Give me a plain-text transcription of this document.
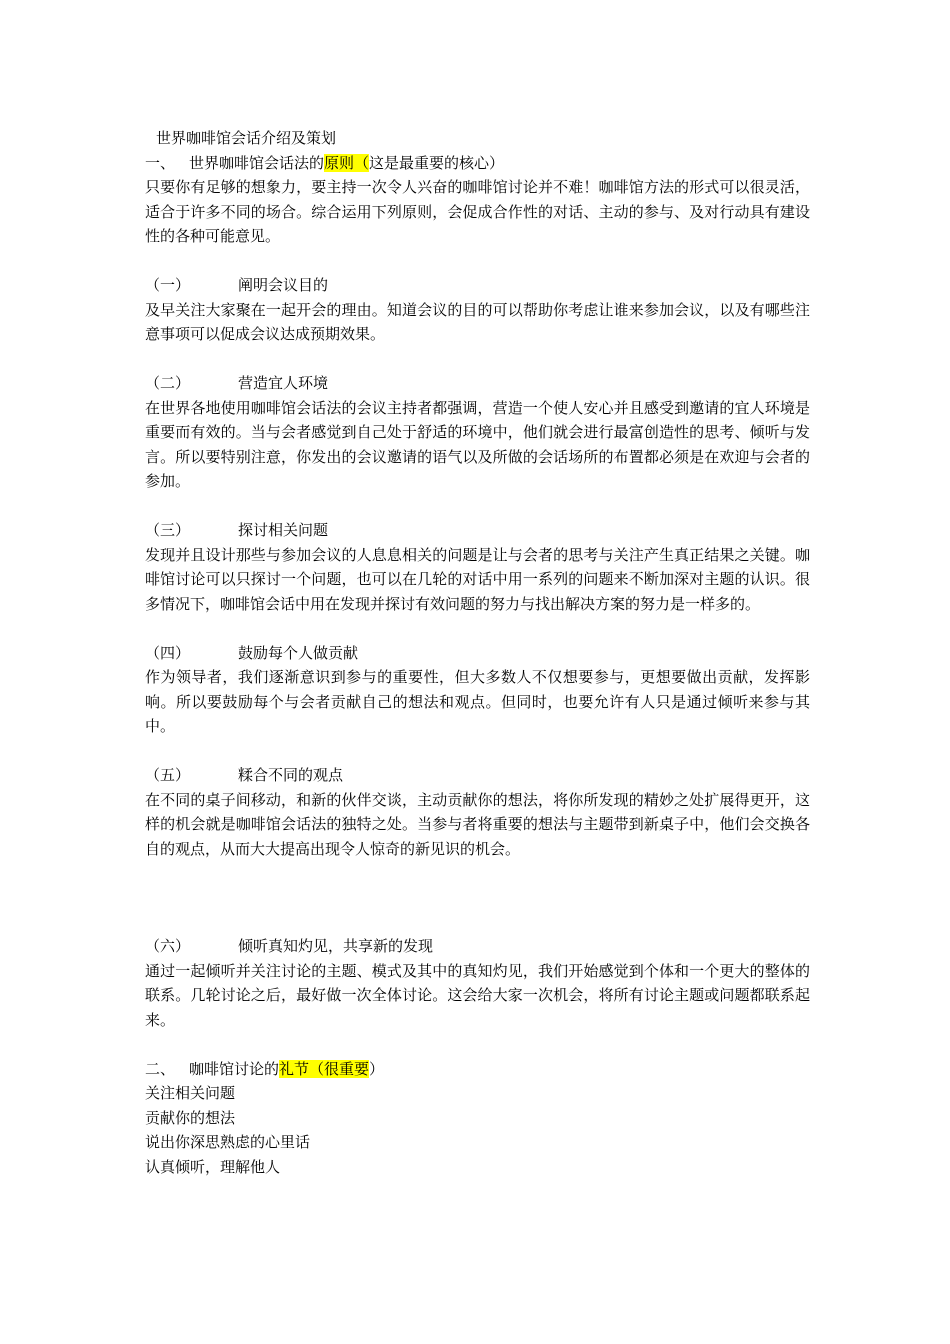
世界咖啡馆会话介绍及策划
一、 世界咖啡馆会话法的原则（这是最重要的核心）
只要你有足够的想象力，要主持一次令人兴奋的咖啡馆讨论并不难！咖啡馆方法的形式可以很灵活，适合于许多不同的场合。综合运用下列原则，会促成合作性的对话、主动的参与、及对行动具有建设性的各种可能意见。
（一）	阐明会议目的
及早关注大家聚在一起开会的理由。知道会议的目的可以帮助你考虑让谁来参加会议，以及有哪些注意事项可以促成会议达成预期效果。
（二）	营造宜人环境
在世界各地使用咖啡馆会话法的会议主持者都强调，营造一个使人安心并且感受到邀请的宜人环境是重要而有效的。当与会者感觉到自己处于舒适的环境中，他们就会进行最富创造性的思考、倾听与发言。所以要特别注意，你发出的会议邀请的语气以及所做的会话场所的布置都必须是在欢迎与会者的参加。
（三）	探讨相关问题
发现并且设计那些与参加会议的人息息相关的问题是让与会者的思考与关注产生真正结果之关键。咖啡馆讨论可以只探讨一个问题，也可以在几轮的对话中用一系列的问题来不断加深对主题的认识。很多情况下，咖啡馆会话中用在发现并探讨有效问题的努力与找出解决方案的努力是一样多的。
（四）	鼓励每个人做贡献
作为领导者，我们逐渐意识到参与的重要性，但大多数人不仅想要参与，更想要做出贡献，发挥影响。所以要鼓励每个与会者贡献自己的想法和观点。但同时，也要允许有人只是通过倾听来参与其中。
（五）	糅合不同的观点
在不同的桌子间移动，和新的伙伴交谈，主动贡献你的想法，将你所发现的精妙之处扩展得更开，这样的机会就是咖啡馆会话法的独特之处。当参与者将重要的想法与主题带到新桌子中，他们会交换各自的观点，从而大大提高出现令人惊奇的新见识的机会。
（六）	倾听真知灼见，共享新的发现
通过一起倾听并关注讨论的主题、模式及其中的真知灼见，我们开始感觉到个体和一个更大的整体的联系。几轮讨论之后，最好做一次全体讨论。这会给大家一次机会，将所有讨论主题或问题都联系起来。
二、 咖啡馆讨论的礼节（很重要）
关注相关问题
贡献你的想法
说出你深思熟虑的心里话
认真倾听，理解他人
